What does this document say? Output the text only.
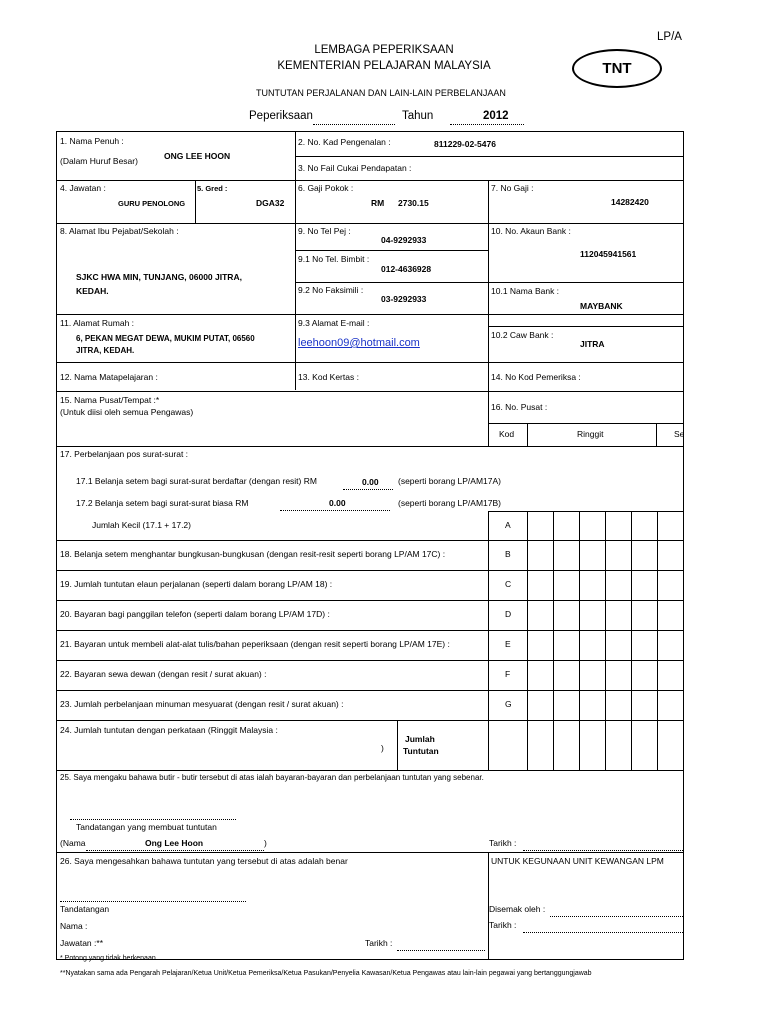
LP/A
LEMBAGA PEPERIKSAAN
KEMENTERIAN PELAJARAN MALAYSIA	TNT
TUNTUTAN PERJALANAN DAN LAIN-LAIN PERBELANJAAN
Peperiksaan	Tahun	2012
1. Nama Penuh :
(Dalam Huruf Besar)	ONG LEE HOON
2. No. Kad Pengenalan :	811229-02-5476
3. No Fail Cukai Pendapatan :
4. Jawatan :
GURU PENOLONG
5. Gred :
DGA32
6. Gaji Pokok :
RM 2730.15
7. No Gaji :
14282420
8. Alamat Ibu Pejabat/Sekolah :
SJKC HWA MIN, TUNJANG, 06000 JITRA,
KEDAH.
9. No Tel Pej :
04-9292933
9.1 No Tel. Bimbit :
012-4636928
9.2 No Faksimili :
03-9292933
10. No. Akaun Bank :
112045941561
10.1 Nama Bank :
MAYBANK
11. Alamat Rumah :
6, PEKAN MEGAT DEWA, MUKIM PUTAT, 06560
JITRA, KEDAH.
9.3 Alamat E-mail :
leehoon09@hotmail.com
10.2 Caw Bank :
JITRA
12. Nama Matapelajaran :	13. Kod Kertas :	14. No Kod Pemeriksa :
15. Nama Pusat/Tempat :*
(Untuk diisi oleh semua Pengawas)	16. No. Pusat :
Kod	Ringgit	Se
17. Perbelanjaan pos surat-surat :
17.1 Belanja setem bagi surat-surat berdaftar (dengan resit) RM	0.00 (seperti borang LP/AM17A)
17.2 Belanja setem bagi surat-surat biasa RM	0.00	(seperti borang LP/AM17B)
Jumlah Kecil (17.1 + 17.2)	A
18. Belanja setem menghantar bungkusan-bungkusan (dengan resit-resit seperti borang LP/AM 17C) :	B
19. Jumlah tuntutan elaun perjalanan (seperti dalam borang LP/AM 18) :	C
20. Bayaran bagi panggilan telefon (seperti dalam borang LP/AM 17D) :	D
21. Bayaran untuk membeli alat-alat tulis/bahan peperiksaan (dengan resit seperti borang LP/AM 17E) :	E
22. Bayaran sewa dewan (dengan resit / surat akuan) :	F
23. Jumlah perbelanjaan minuman mesyuarat (dengan resit / surat akuan) :	G
24. Jumlah tuntutan dengan perkataan (Ringgit Malaysia :
)
Jumlah
Tuntutan
25. Saya mengaku bahawa butir - butir tersebut di atas ialah bayaran-bayaran dan perbelanjaan tuntutan yang sebenar.
Tandatangan yang membuat tuntutan
(Nama	Ong Lee Hoon	)	Tarikh :
26. Saya mengesahkan bahawa tuntutan yang tersebut di atas adalah benar	UNTUK KEGUNAAN UNIT KEWANGAN LPM
Tandatangan
Nama :
Jawatan :**	Tarikh :
Disemak oleh :
Tarikh :
* Potong yang tidak berkenaan.
**Nyatakan sama ada Pengarah Pelajaran/Ketua Unit/Ketua Pemeriksa/Ketua Pasukan/Penyelia Kawasan/Ketua Pengawas atau lain-lain pegawai yang bertanggungjawab
